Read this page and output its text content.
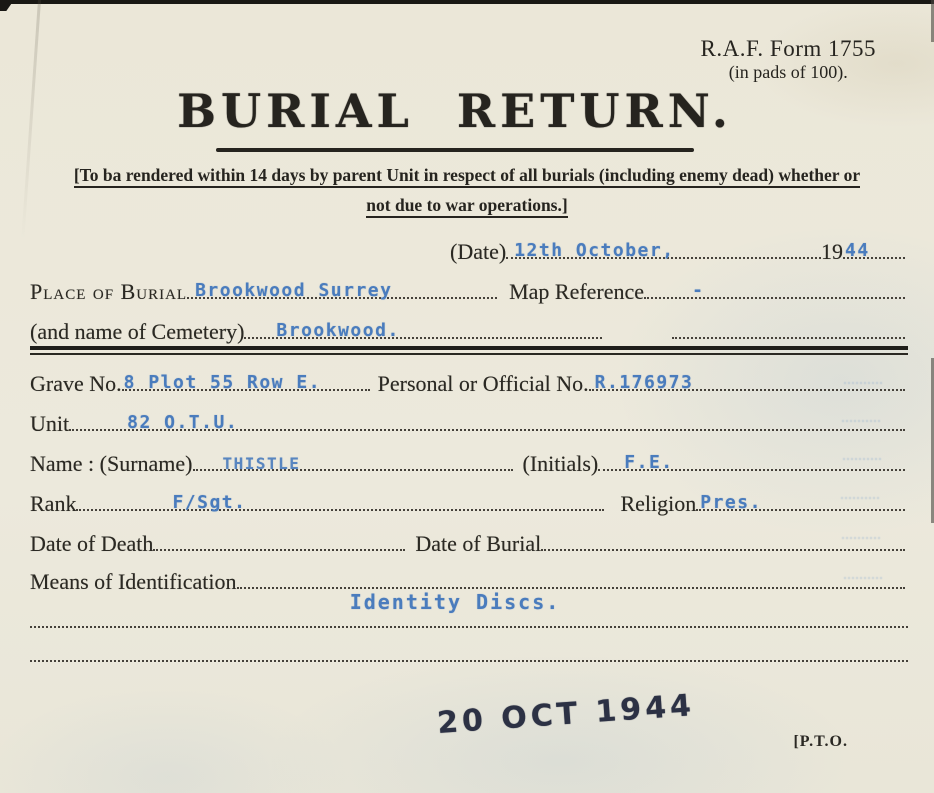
R.A.F. Form 1755
(in pads of 100).
BURIAL RETURN.
[To ba rendered within 14 days by parent Unit in respect of all burials (including enemy dead) whether or
not due to war operations.]
(Date) 12th October,	19 44
Place of Burial Brookwood Surrey	Map Reference	-
(and name of Cemetery) Brookwood.
Grave No. 8 Plot 55 Row E.	Personal or Official No. R.176973
Unit	82 O.T.U.
Name : (Surname) THISTLE	(Initials) F.E.
Rank	F/Sgt.	Religion Pres.
Date of Death	Date of Burial
Means of Identification
Identity Discs.
20 OCT 1944
[P.T.O.
